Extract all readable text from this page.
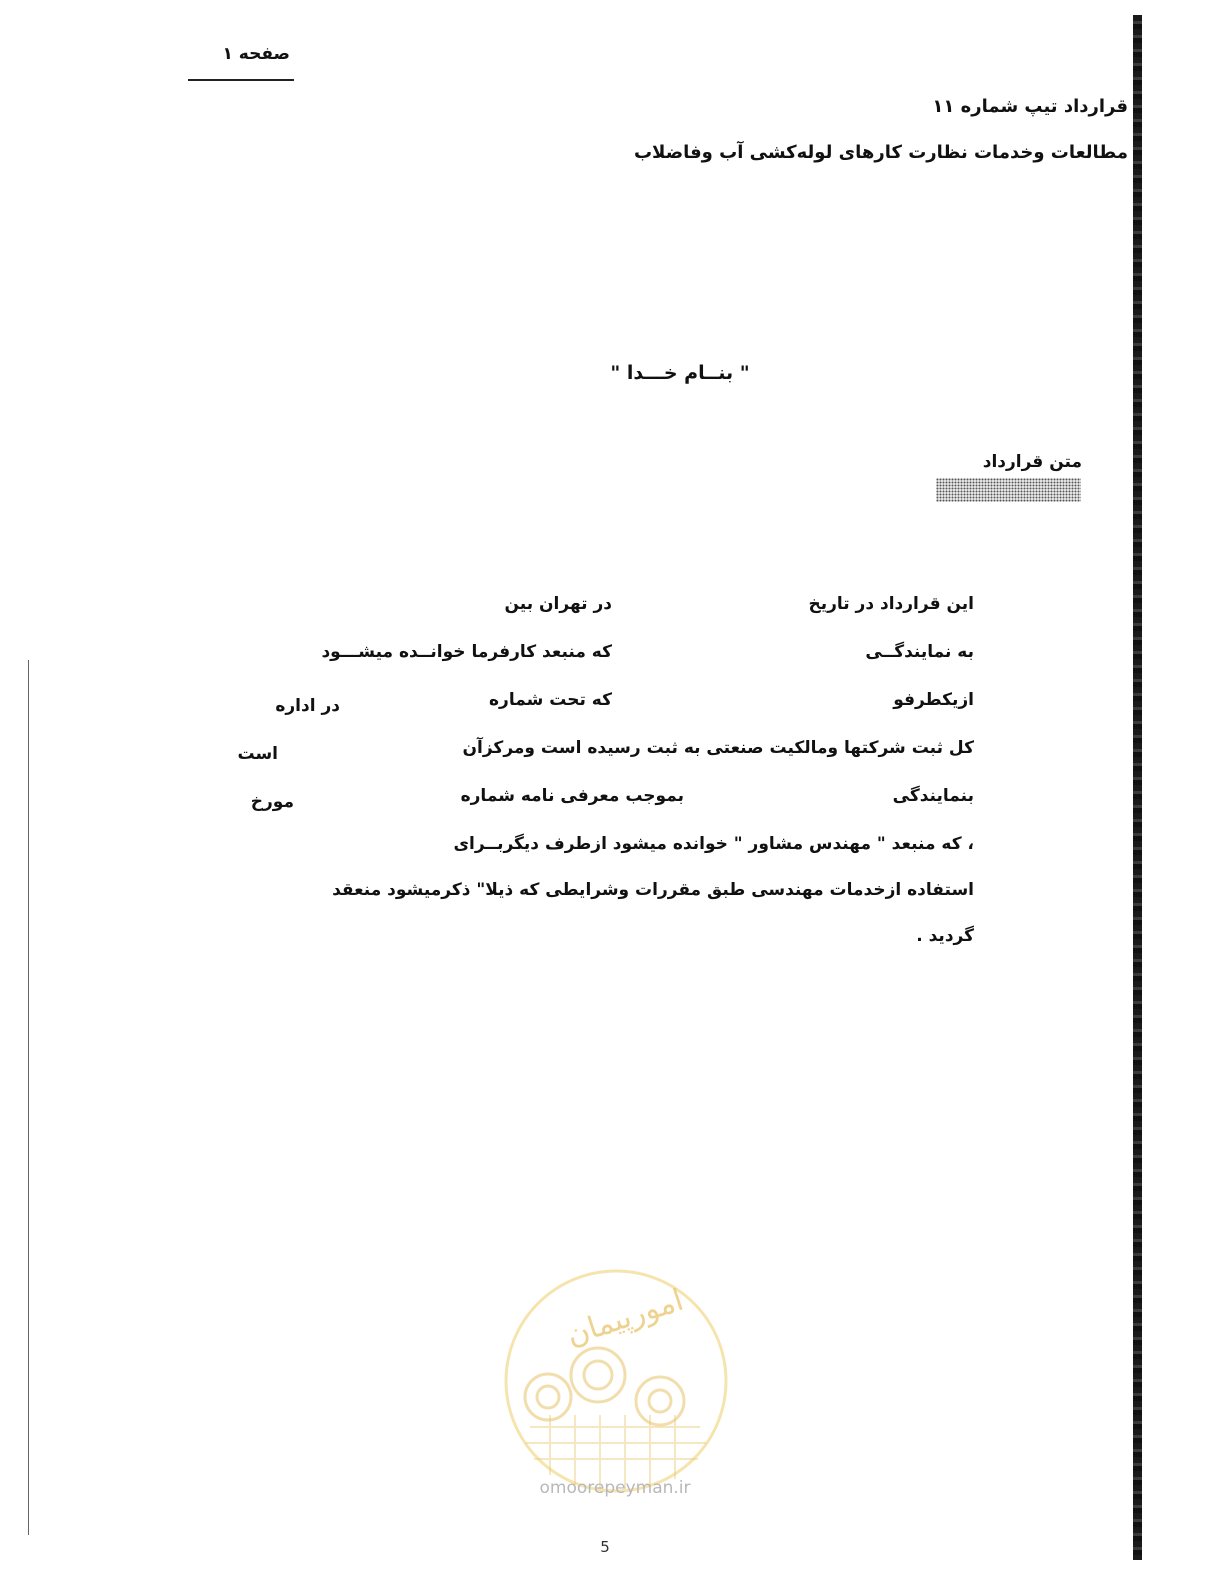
صفحه ۱
قرارداد تیپ شماره ۱۱
مطالعات وخدمات نظارت کارهای لوله‌کشی آب وفاضلاب
" بنــام خـــدا "
متن قرارداد
این قرارداد در تاریخ
در تهران بین
به نمایندگــی
که منبعد کارفرما خوانــده میشـــود
ازیکطرفو
که تحت شماره
در اداره
کل ثبت شرکتها ومالکیت صنعتی به ثبت رسیده است ومرکزآن
است
بنمایندگی
بموجب معرفی نامه شماره
مورخ
، که منبعد " مهندس مشاور " خوانده میشود ازطرف دیگربــرای
استفاده ازخدمات مهندسی طبق مقررات وشرایطی که ذیلا" ذکرمیشود منعقد
گردید .
امورپیمان
omoorepeyman.ir
5
